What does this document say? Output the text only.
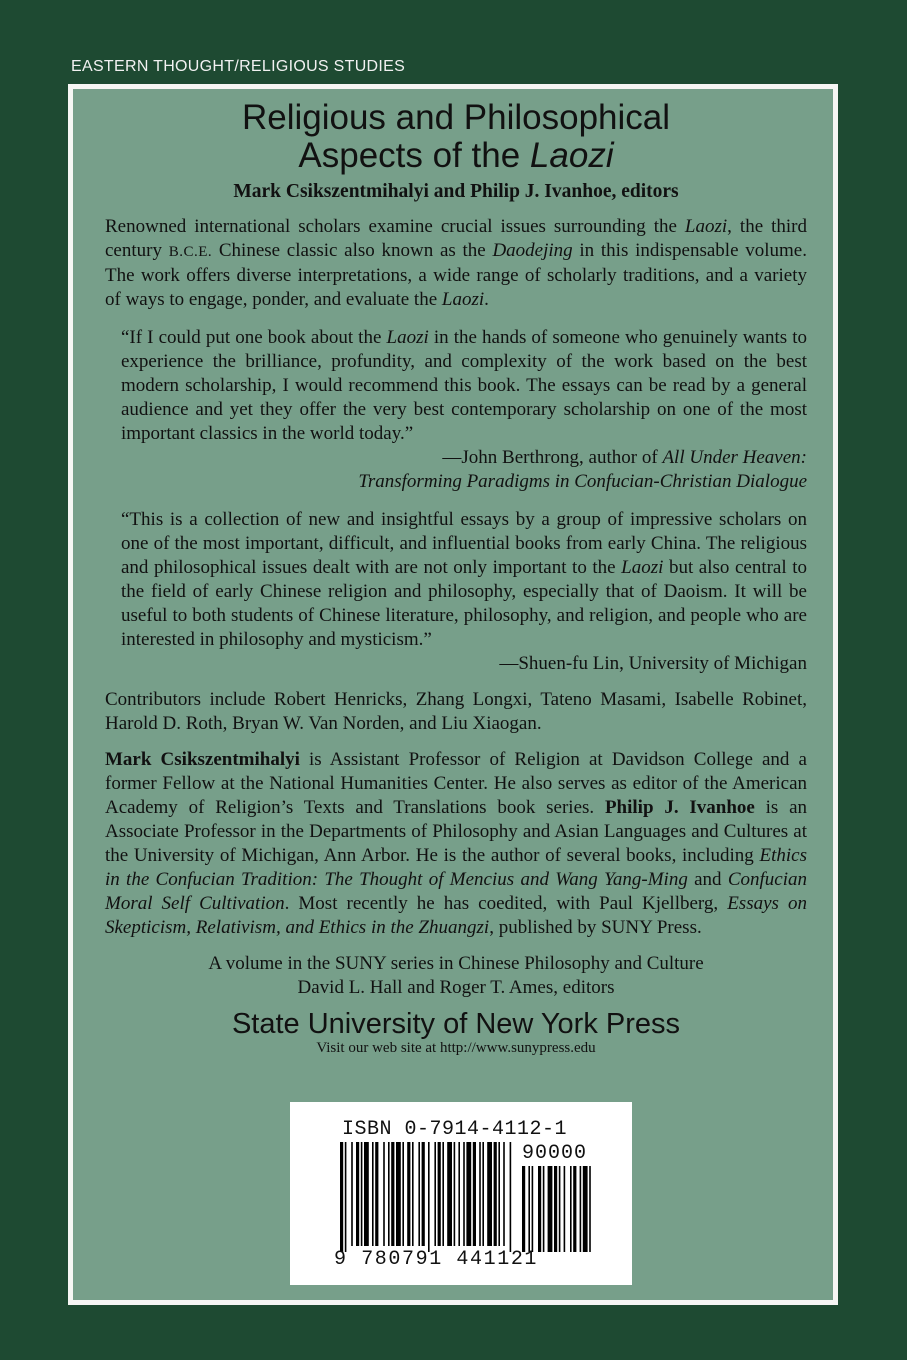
EASTERN THOUGHT/RELIGIOUS STUDIES
Religious and Philosophical
Aspects of the Laozi
Mark Csikszentmihalyi and Philip J. Ivanhoe, editors

Renowned international scholars examine crucial issues surrounding the Laozi, the third century B.C.E. Chinese classic also known as the Daodejing in this indispensable volume. The work offers diverse interpretations, a wide range of scholarly traditions, and a variety of ways to engage, ponder, and evaluate the Laozi.

“If I could put one book about the Laozi in the hands of someone who genuinely wants to experience the brilliance, profundity, and complexity of the work based on the best modern scholarship, I would recommend this book. The essays can be read by a general audience and yet they offer the very best contemporary scholarship on one of the most important classics in the world today.”

—John Berthrong, author of All Under Heaven:
Transforming Paradigms in Confucian-Christian Dialogue

“This is a collection of new and insightful essays by a group of impressive scholars on one of the most important, difficult, and influential books from early China. The religious and philosophical issues dealt with are not only important to the Laozi but also central to the field of early Chinese religion and philosophy, especially that of Daoism. It will be useful to both students of Chinese literature, philosophy, and religion, and people who are interested in philosophy and mysticism.”

—Shuen-fu Lin, University of Michigan

Contributors include Robert Henricks, Zhang Longxi, Tateno Masami, Isabelle Robinet, Harold D. Roth, Bryan W. Van Norden, and Liu Xiaogan.

Mark Csikszentmihalyi is Assistant Professor of Religion at Davidson College and a former Fellow at the National Humanities Center. He also serves as editor of the American Academy of Religion’s Texts and Translations book series. Philip J. Ivanhoe is an Associate Professor in the Departments of Philosophy and Asian Languages and Cultures at the University of Michigan, Ann Arbor. He is the author of several books, including Ethics in the Confucian Tradition: The Thought of Mencius and Wang Yang-Ming and Confucian Moral Self Cultivation. Most recently he has coedited, with Paul Kjellberg, Essays on Skepticism, Relativism, and Ethics in the Zhuangzi, published by SUNY Press.

A volume in the SUNY series in Chinese Philosophy and Culture
David L. Hall and Roger T. Ames, editors
State University of New York Press
Visit our web site at http://www.sunypress.edu
ISBN 0-7914-4112-1
90000
9 780791 441121
